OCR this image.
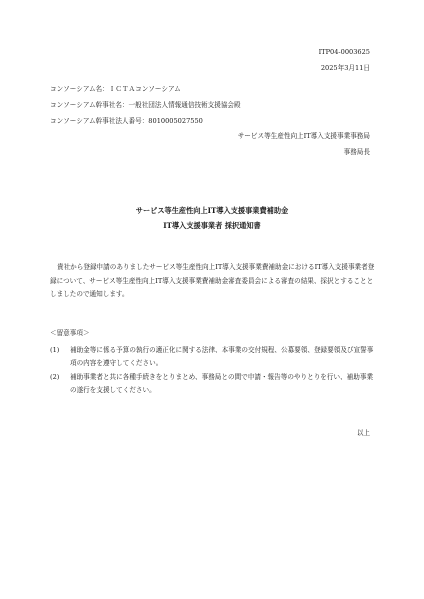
ITP04-0003625
2025年3月11日
コンソーシアム名：ＩＣＴＡコンソーシアム
コンソーシアム幹事社名：一般社団法人情報通信技術支援協会殿
コンソーシアム幹事社法人番号：8010005027550
サービス等生産性向上IT導入支援事業事務局
事務局長
サービス等生産性向上IT導入支援事業費補助金
IT導入支援事業者 採択通知書
貴社から登録申請のありましたサービス等生産性向上IT導入支援事業費補助金におけるIT導入支援事業者登録について、サービス等生産性向上IT導入支援事業費補助金審査委員会による審査の結果、採択とすることとしましたので通知します。
＜留意事項＞
(1)	補助金等に係る予算の執行の適正化に関する法律、本事業の交付規程、公募要領、登録要領及び宣誓事項の内容を遵守してください。
(2)	補助事業者と共に各種手続きをとりまとめ、事務局との間で申請・報告等のやりとりを行い、補助事業の遂行を支援してください。
以上
